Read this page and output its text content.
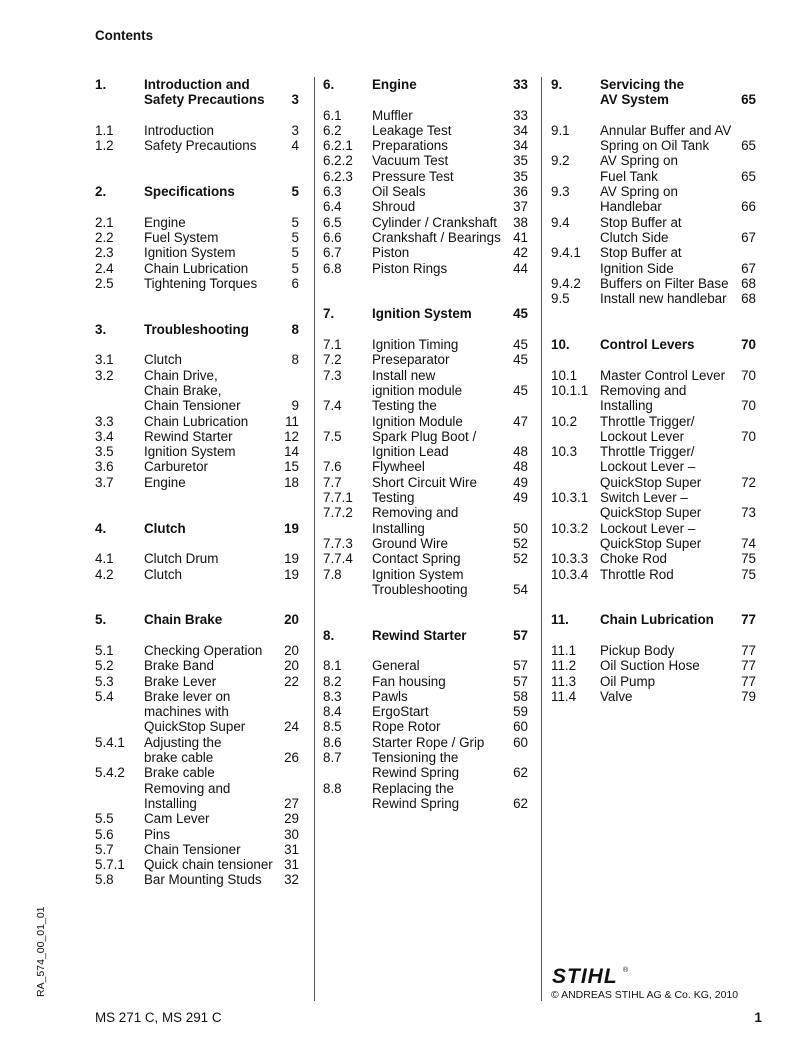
Contents
1.	Introduction and
Safety Precautions	3
1.1	Introduction	3
1.2	Safety Precautions	4
2.	Specifications	5
2.1	Engine	5
2.2	Fuel System	5
2.3	Ignition System	5
2.4	Chain Lubrication	5
2.5	Tightening Torques	6
3.	Troubleshooting	8
3.1	Clutch	8
3.2	Chain Drive,
Chain Brake,
Chain Tensioner	9
3.3	Chain Lubrication	11
3.4	Rewind Starter	12
3.5	Ignition System	14
3.6	Carburetor	15
3.7	Engine	18
4.	Clutch	19
4.1	Clutch Drum	19
4.2	Clutch	19
5.	Chain Brake	20
5.1	Checking Operation	20
5.2	Brake Band	20
5.3	Brake Lever	22
5.4	Brake lever on
machines with
QuickStop Super	24
5.4.1	Adjusting the
brake cable	26
5.4.2	Brake cable
Removing and
Installing	27
5.5	Cam Lever	29
5.6	Pins	30
5.7	Chain Tensioner	31
5.7.1	Quick chain tensioner 31
5.8	Bar Mounting Studs	32
6.	Engine	33
6.1	Muffler	33
6.2	Leakage Test	34
6.2.1	Preparations	34
6.2.2	Vacuum Test	35
6.2.3	Pressure Test	35
6.3	Oil Seals	36
6.4	Shroud	37
6.5	Cylinder / Crankshaft	38
6.6	Crankshaft / Bearings 41
6.7	Piston	42
6.8	Piston Rings	44
7.	Ignition System	45
7.1	Ignition Timing	45
7.2	Preseparator	45
7.3	Install new
ignition module	45
7.4	Testing the
Ignition Module	47
7.5	Spark Plug Boot /
Ignition Lead	48
7.6	Flywheel	48
7.7	Short Circuit Wire	49
7.7.1	Testing	49
7.7.2	Removing and
Installing	50
7.7.3	Ground Wire	52
7.7.4	Contact Spring	52
7.8	Ignition System
Troubleshooting	54
8.	Rewind Starter	57
8.1	General	57
8.2	Fan housing	57
8.3	Pawls	58
8.4	ErgoStart	59
8.5	Rope Rotor	60
8.6	Starter Rope / Grip	60
8.7	Tensioning the
Rewind Spring	62
8.8	Replacing the
Rewind Spring	62
9.	Servicing the
AV System	65
9.1	Annular Buffer and AV
Spring on Oil Tank	65
9.2	AV Spring on
Fuel Tank	65
9.3	AV Spring on
Handlebar	66
9.4	Stop Buffer at
Clutch Side	67
9.4.1	Stop Buffer at
Ignition Side	67
9.4.2	Buffers on Filter Base 68
9.5	Install new handlebar	68
10.	Control Levers	70
10.1	Master Control Lever	70
10.1.1 Removing and
Installing	70
10.2	Throttle Trigger/
Lockout Lever	70
10.3	Throttle Trigger/
Lockout Lever –
QuickStop Super	72
10.3.1 Switch Lever –
QuickStop Super	73
10.3.2 Lockout Lever –
QuickStop Super	74
10.3.3 Choke Rod	75
10.3.4 Throttle Rod	75
11.	Chain Lubrication	77
11.1	Pickup Body	77
11.2	Oil Suction Hose	77
11.3	Oil Pump	77
11.4	Valve	79
RA_574_00_01_01	STIHL ®
© ANDREAS STIHL AG & Co. KG, 2010
MS 271 C, MS 291 C	1
